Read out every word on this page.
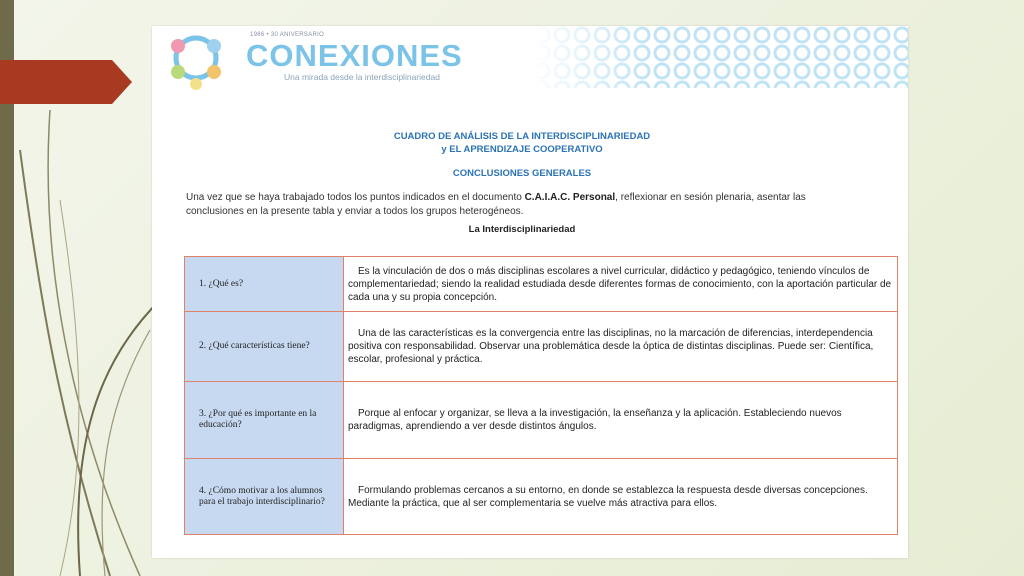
1986 • 30 ANIVERSARIO
CONEXIONES
Una mirada desde la interdisciplinariedad
CUADRO DE ANÁLISIS DE LA INTERDISCIPLINARIEDAD
y EL APRENDIZAJE COOPERATIVO
CONCLUSIONES GENERALES
Una vez que se haya trabajado todos los puntos indicados en el documento C.A.I.A.C. Personal, reflexionar en sesión plenaria, asentar las conclusiones en la presente tabla y enviar a todos los grupos heterogéneos.
La Interdisciplinariedad
1. ¿Qué es?	Es la vinculación de dos o más disciplinas escolares a nivel curricular, didáctico y pedagógico, teniendo vínculos de complementariedad; siendo la realidad estudiada desde diferentes formas de conocimiento, con la aportación particular de cada una y su propia concepción.

2. ¿Qué características tiene?	Una de las características es la convergencia entre las disciplinas, no la marcación de diferencias, interdependencia positiva con responsabilidad. Observar una problemática desde la óptica de distintas disciplinas. Puede ser: Científica, escolar, profesional y práctica.

3. ¿Por qué es importante en la educación?	Porque al enfocar y organizar, se lleva a la investigación, la enseñanza y la aplicación. Estableciendo nuevos paradigmas, aprendiendo a ver desde distintos ángulos.

4. ¿Cómo motivar a los alumnos para el trabajo interdisciplinario?	Formulando problemas cercanos a su entorno, en donde se establezca la respuesta desde diversas concepciones. Mediante la práctica, que al ser complementaria se vuelve más atractiva para ellos.
